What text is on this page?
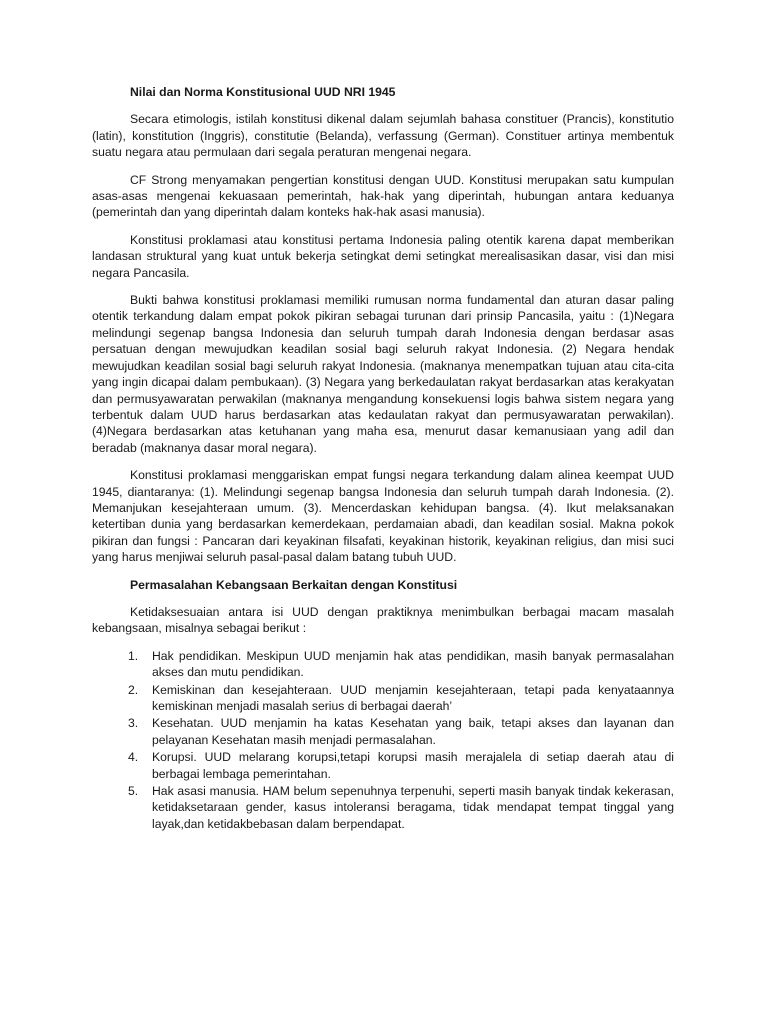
Nilai dan Norma Konstitusional UUD NRI 1945

Secara etimologis, istilah konstitusi dikenal dalam sejumlah bahasa constituer (Prancis), konstitutio (latin), konstitution (Inggris), constitutie (Belanda), verfassung (German). Constituer artinya membentuk suatu negara atau permulaan dari segala peraturan mengenai negara.

CF Strong menyamakan pengertian konstitusi dengan UUD. Konstitusi merupakan satu kumpulan asas-asas mengenai kekuasaan pemerintah, hak-hak yang diperintah, hubungan antara keduanya (pemerintah dan yang diperintah dalam konteks hak-hak asasi manusia).

Konstitusi proklamasi atau konstitusi pertama Indonesia paling otentik karena dapat memberikan landasan struktural yang kuat untuk bekerja setingkat demi setingkat merealisasikan dasar, visi dan misi negara Pancasila.

Bukti bahwa konstitusi proklamasi memiliki rumusan norma fundamental dan aturan dasar paling otentik terkandung dalam empat pokok pikiran sebagai turunan dari prinsip Pancasila, yaitu : (1)Negara melindungi segenap bangsa Indonesia dan seluruh tumpah darah Indonesia dengan berdasar asas persatuan dengan mewujudkan keadilan sosial bagi seluruh rakyat Indonesia. (2) Negara hendak mewujudkan keadilan sosial bagi seluruh rakyat Indonesia. (maknanya menempatkan tujuan atau cita-cita yang ingin dicapai dalam pembukaan). (3) Negara yang berkedaulatan rakyat berdasarkan atas kerakyatan dan permusyawaratan perwakilan (maknanya mengandung konsekuensi logis bahwa sistem negara yang terbentuk dalam UUD harus berdasarkan atas kedaulatan rakyat dan permusyawaratan perwakilan). (4)Negara berdasarkan atas ketuhanan yang maha esa, menurut dasar kemanusiaan yang adil dan beradab (maknanya dasar moral negara).

Konstitusi proklamasi menggariskan empat fungsi negara terkandung dalam alinea keempat UUD 1945, diantaranya: (1). Melindungi segenap bangsa Indonesia dan seluruh tumpah darah Indonesia. (2). Memanjukan kesejahteraan umum. (3). Mencerdaskan kehidupan bangsa. (4). Ikut melaksanakan ketertiban dunia yang berdasarkan kemerdekaan, perdamaian abadi, dan keadilan sosial. Makna pokok pikiran dan fungsi : Pancaran dari keyakinan filsafati, keyakinan historik, keyakinan religius, dan misi suci yang harus menjiwai seluruh pasal-pasal dalam batang tubuh UUD.

Permasalahan Kebangsaan Berkaitan dengan Konstitusi

Ketidaksesuaian antara isi UUD dengan praktiknya menimbulkan berbagai macam masalah kebangsaan, misalnya sebagai berikut :

1. Hak pendidikan. Meskipun UUD menjamin hak atas pendidikan, masih banyak permasalahan akses dan mutu pendidikan.
2. Kemiskinan dan kesejahteraan. UUD menjamin kesejahteraan, tetapi pada kenyataannya kemiskinan menjadi masalah serius di berbagai daerah’
3. Kesehatan. UUD menjamin ha katas Kesehatan yang baik, tetapi akses dan layanan dan pelayanan Kesehatan masih menjadi permasalahan.
4. Korupsi. UUD melarang korupsi,tetapi korupsi masih merajalela di setiap daerah atau di berbagai lembaga pemerintahan.
5. Hak asasi manusia. HAM belum sepenuhnya terpenuhi, seperti masih banyak tindak kekerasan, ketidaksetaraan gender, kasus intoleransi beragama, tidak mendapat tempat tinggal yang layak,dan ketidakbebasan dalam berpendapat.
